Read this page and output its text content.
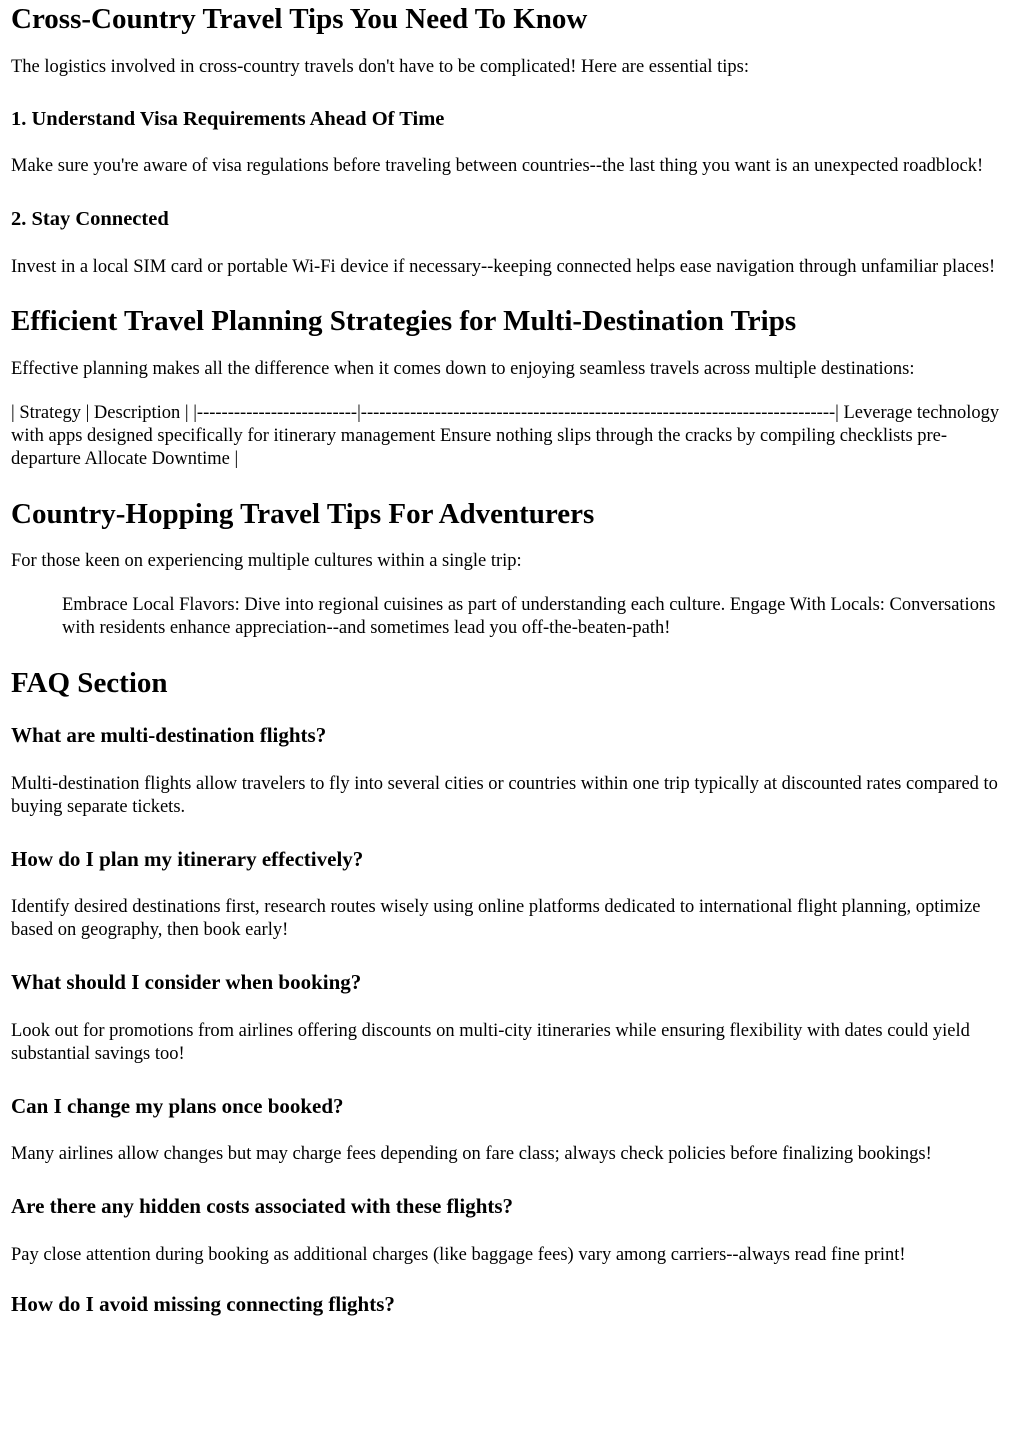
Cross-Country Travel Tips You Need To Know

The logistics involved in cross-country travels don't have to be complicated! Here are essential tips:

1. Understand Visa Requirements Ahead Of Time

Make sure you're aware of visa regulations before traveling between countries--the last thing you want is an unexpected roadblock!

2. Stay Connected

Invest in a local SIM card or portable Wi-Fi device if necessary--keeping connected helps ease navigation through unfamiliar places!

Efficient Travel Planning Strategies for Multi-Destination Trips

Effective planning makes all the difference when it comes down to enjoying seamless travels across multiple destinations:

| Strategy | Description | |--------------------------|-----------------------------------------------------------------------------| Leverage technology with apps designed specifically for itinerary management Ensure nothing slips through the cracks by compiling checklists pre-departure Allocate Downtime |

Country-Hopping Travel Tips For Adventurers

For those keen on experiencing multiple cultures within a single trip:

Embrace Local Flavors: Dive into regional cuisines as part of understanding each culture. Engage With Locals: Conversations with residents enhance appreciation--and sometimes lead you off-the-beaten-path!
FAQ Section
What are multi-destination flights?

Multi-destination flights allow travelers to fly into several cities or countries within one trip typically at discounted rates compared to buying separate tickets.

How do I plan my itinerary effectively?

Identify desired destinations first, research routes wisely using online platforms dedicated to international flight planning, optimize based on geography, then book early!

What should I consider when booking?

Look out for promotions from airlines offering discounts on multi-city itineraries while ensuring flexibility with dates could yield substantial savings too!

Can I change my plans once booked?

Many airlines allow changes but may charge fees depending on fare class; always check policies before finalizing bookings!

Are there any hidden costs associated with these flights?

Pay close attention during booking as additional charges (like baggage fees) vary among carriers--always read fine print!

How do I avoid missing connecting flights?
